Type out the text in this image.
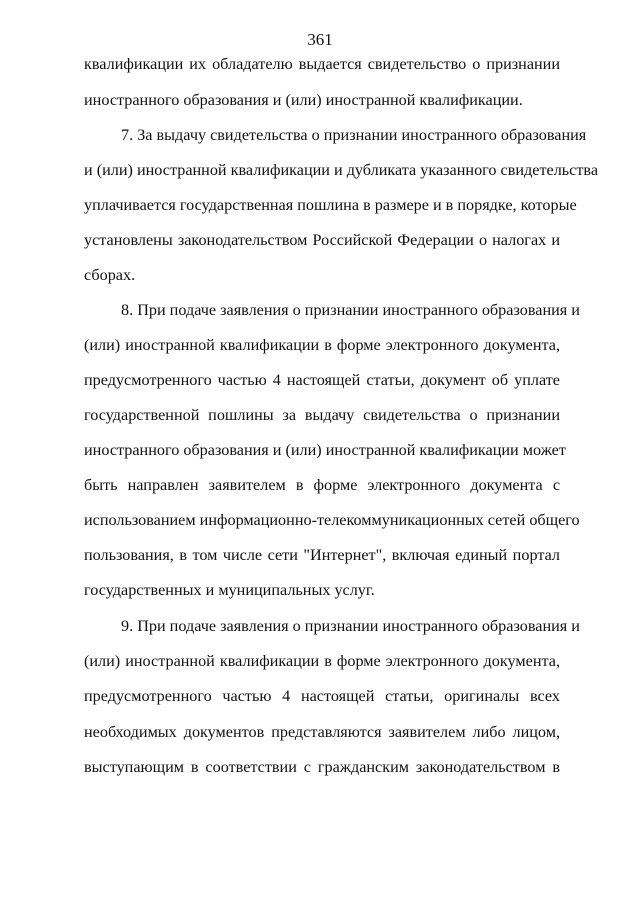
361
квалификации их обладателю выдается свидетельство о признании
иностранного образования и (или) иностранной квалификации.
7. За выдачу свидетельства о признании иностранного образования
и (или) иностранной квалификации и дубликата указанного свидетельства
уплачивается государственная пошлина в размере и в порядке, которые
установлены законодательством Российской Федерации о налогах и
сборах.
8. При подаче заявления о признании иностранного образования и
(или) иностранной квалификации в форме электронного документа,
предусмотренного частью 4 настоящей статьи, документ об уплате
государственной пошлины за выдачу свидетельства о признании
иностранного образования и (или) иностранной квалификации может
быть направлен заявителем в форме электронного документа с
использованием информационно-телекоммуникационных сетей общего
пользования, в том числе сети "Интернет", включая единый портал
государственных и муниципальных услуг.
9. При подаче заявления о признании иностранного образования и
(или) иностранной квалификации в форме электронного документа,
предусмотренного частью 4 настоящей статьи, оригиналы всех
необходимых документов представляются заявителем либо лицом,
выступающим в соответствии с гражданским законодательством в
